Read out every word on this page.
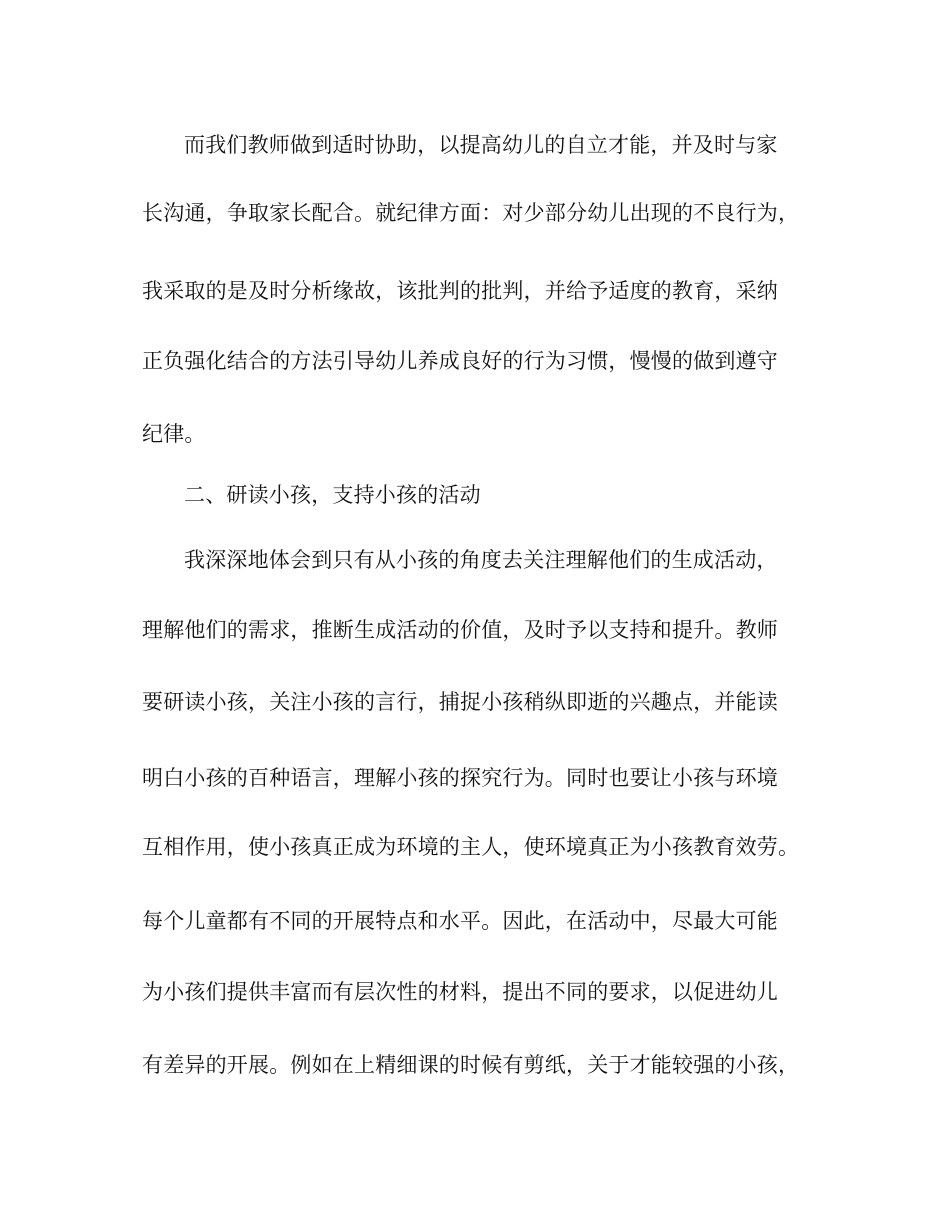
而我们教师做到适时协助，以提高幼儿的自立才能，并及时与家
长沟通，争取家长配合。就纪律方面：对少部分幼儿出现的不良行为，
我采取的是及时分析缘故，该批判的批判，并给予适度的教育，采纳
正负强化结合的方法引导幼儿养成良好的行为习惯，慢慢的做到遵守
纪律。
二、研读小孩，支持小孩的活动
我深深地体会到只有从小孩的角度去关注理解他们的生成活动，
理解他们的需求，推断生成活动的价值，及时予以支持和提升。教师
要研读小孩，关注小孩的言行，捕捉小孩稍纵即逝的兴趣点，并能读
明白小孩的百种语言，理解小孩的探究行为。同时也要让小孩与环境
互相作用，使小孩真正成为环境的主人，使环境真正为小孩教育效劳。
每个儿童都有不同的开展特点和水平。因此，在活动中，尽最大可能
为小孩们提供丰富而有层次性的材料，提出不同的要求，以促进幼儿
有差异的开展。例如在上精细课的时候有剪纸，关于才能较强的小孩，
